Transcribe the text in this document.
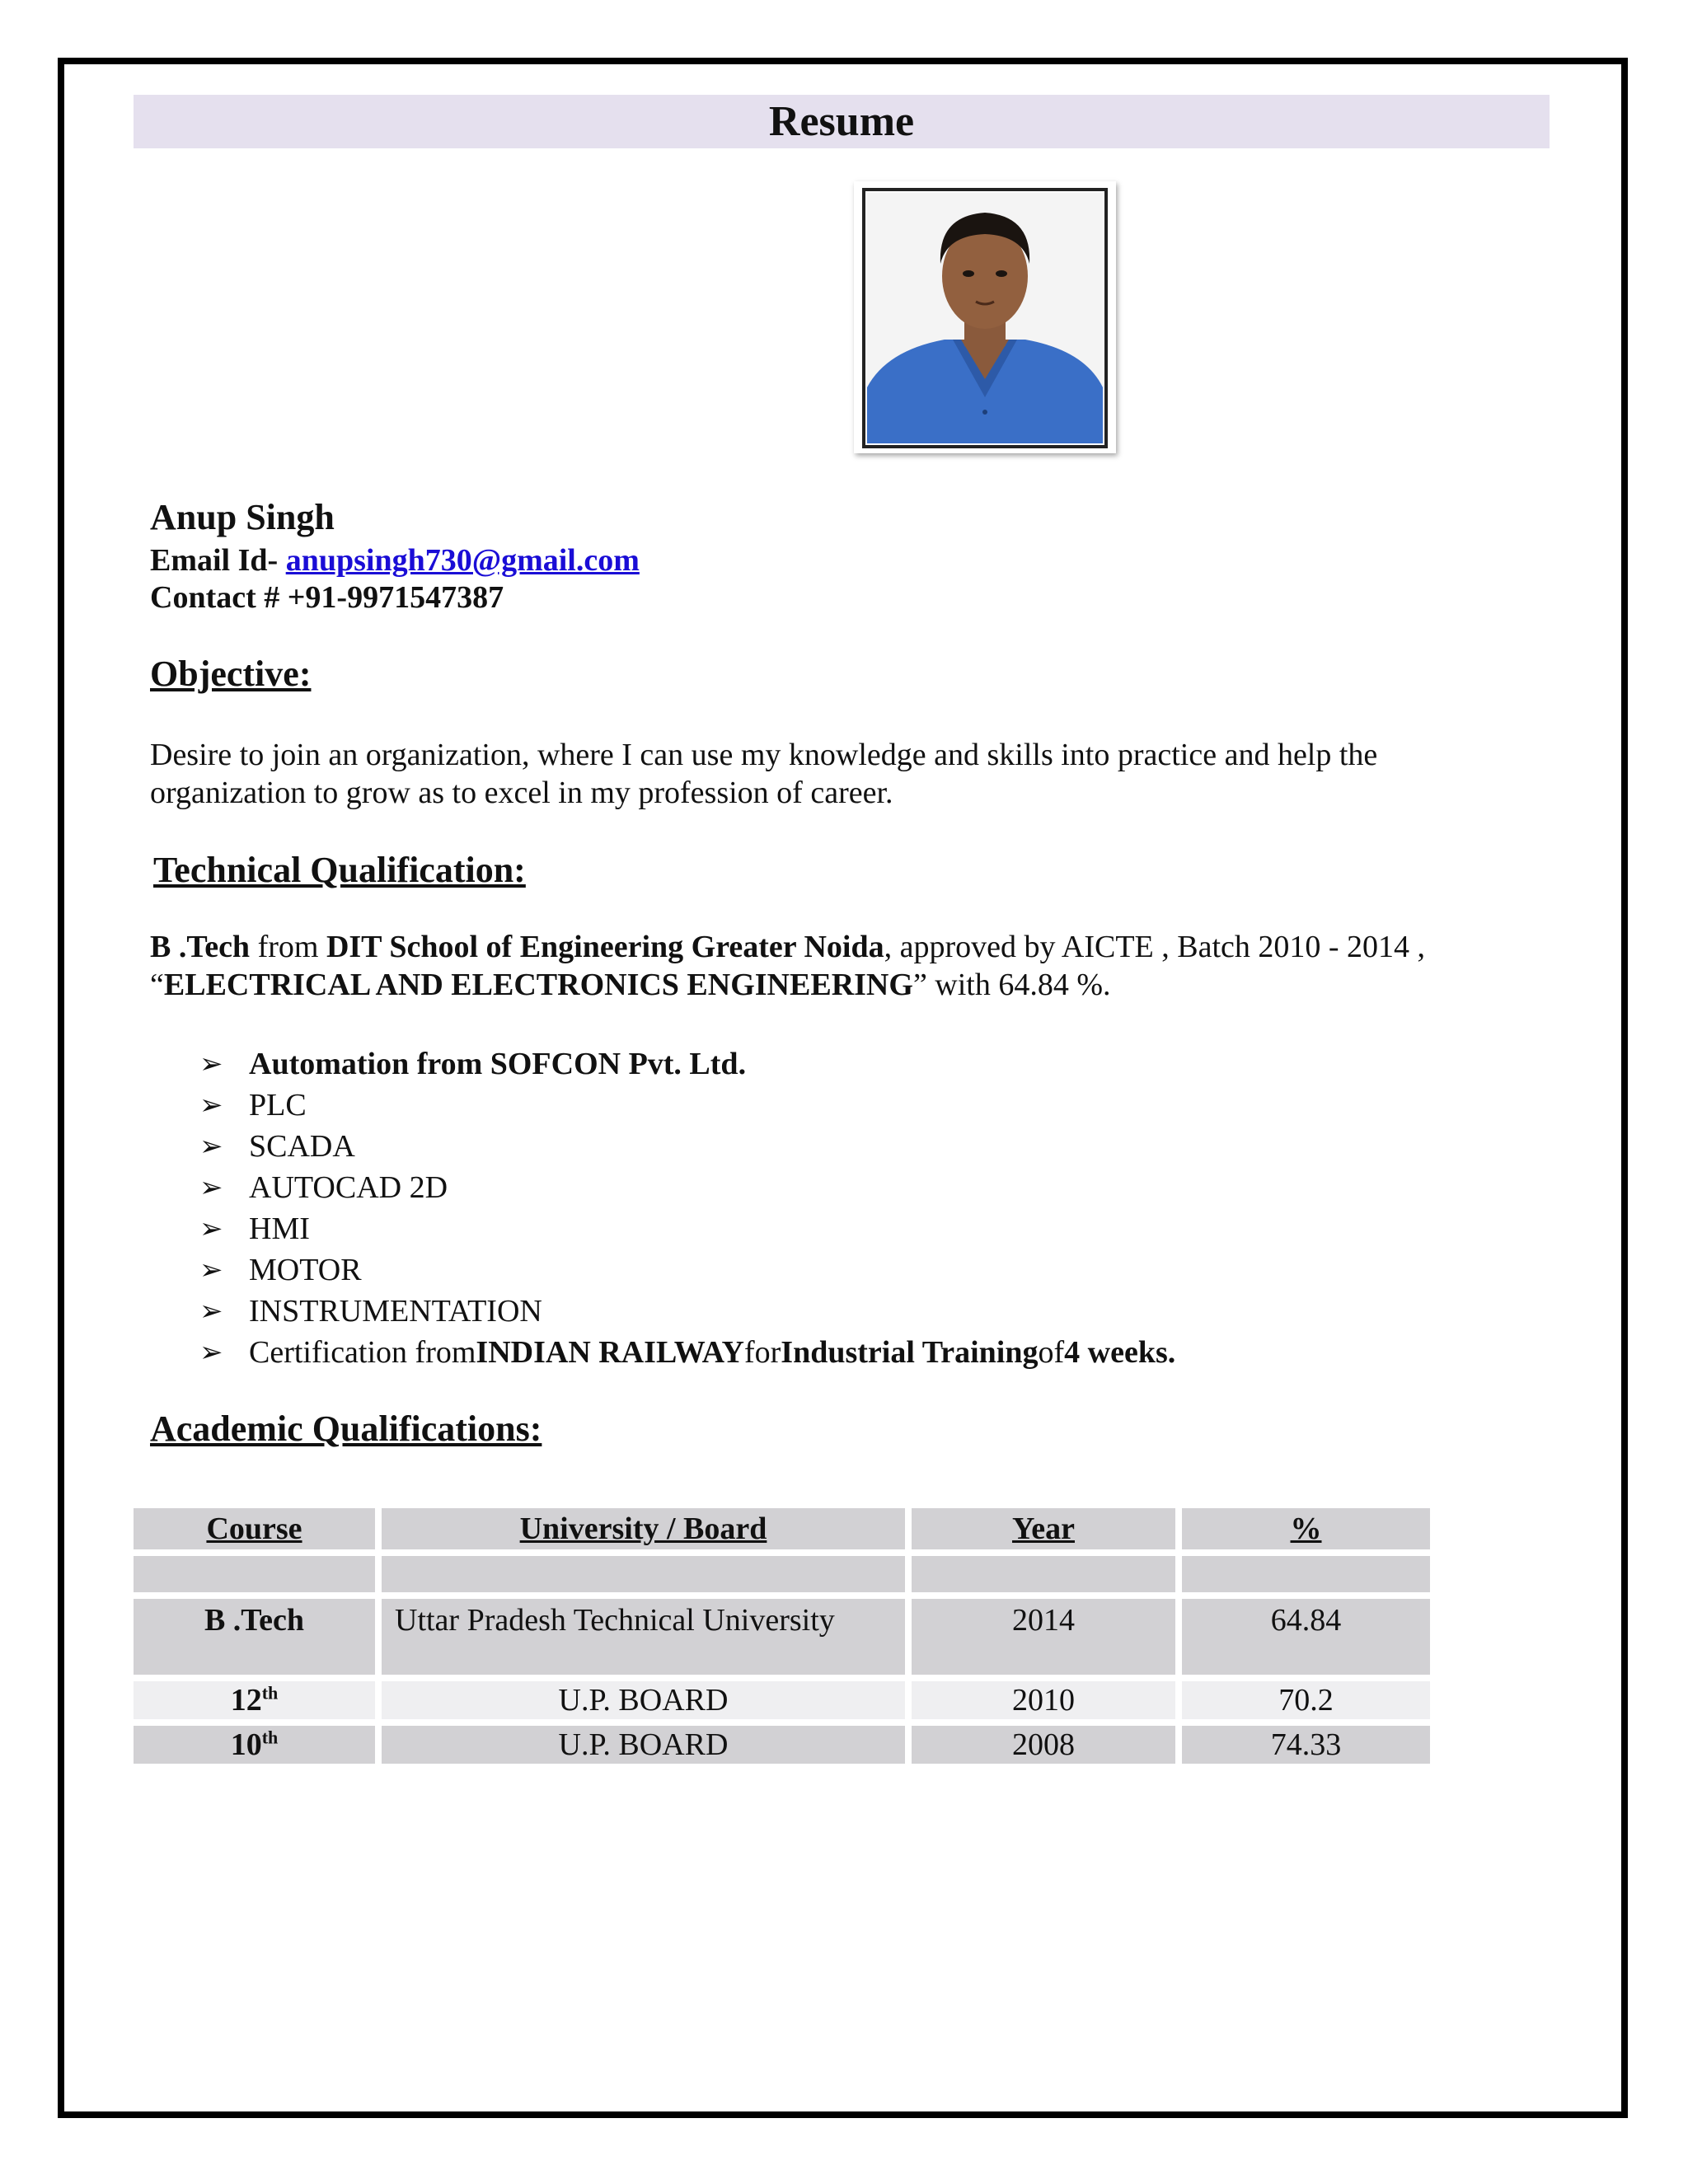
Resume
Anup Singh
Email Id- anupsingh730@gmail.com
Contact # +91-9971547387
Objective:
Desire to join an organization, where I can use my knowledge and skills into practice and help the
organization to grow as to excel in my profession of career.
Technical Qualification:
B .Tech from DIT School of Engineering Greater Noida, approved by AICTE , Batch 2010 - 2014 ,
“ELECTRICAL AND ELECTRONICS ENGINEERING” with 64.84 %.
➢ Automation from SOFCON Pvt. Ltd.
➢ PLC
➢ SCADA
➢ AUTOCAD 2D
➢ HMI
➢ MOTOR
➢ INSTRUMENTATION
➢ Certification from INDIAN RAILWAY for Industrial Training of 4 weeks.
Academic Qualifications:
Course	University / Board	Year	%
B .Tech	Uttar Pradesh Technical University	2014	64.84
12th	U.P. BOARD	2010	70.2
10th	U.P. BOARD	2008	74.33
